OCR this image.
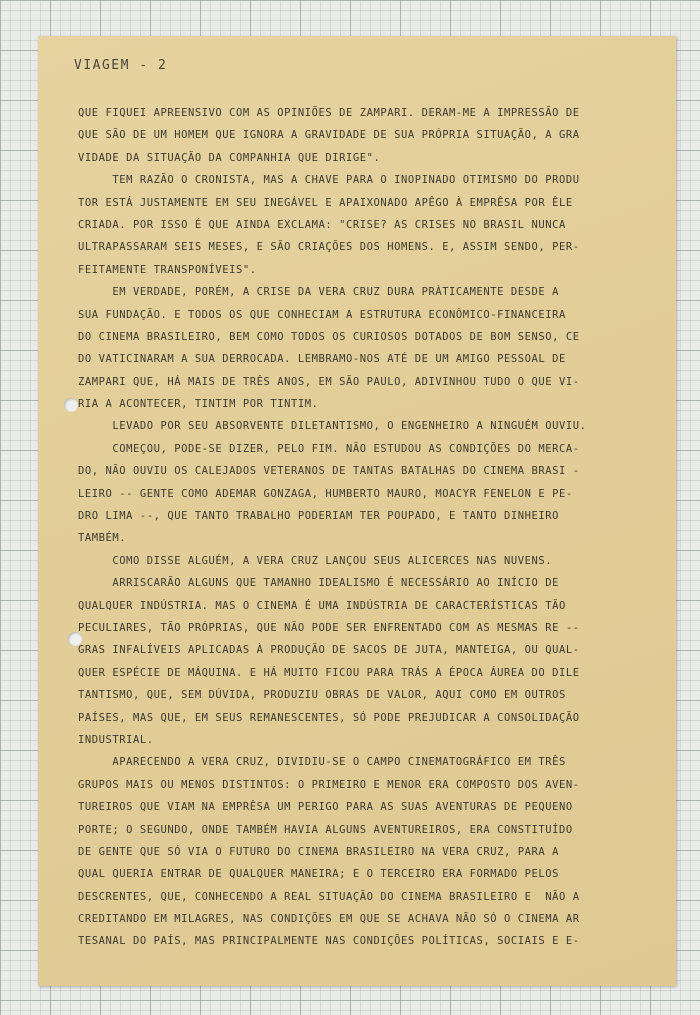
VIAGEM - 2
QUE FIQUEI APREENSIVO COM AS OPINIÕES DE ZAMPARI. DERAM-ME A IMPRESSÃO DE
QUE SÃO DE UM HOMEM QUE IGNORA A GRAVIDADE DE SUA PRÓPRIA SITUAÇÃO, A GRA
VIDADE DA SITUAÇÃO DA COMPANHIA QUE DIRIGE".
TEM RAZÃO O CRONISTA, MAS A CHAVE PARA O INOPINADO OTIMISMO DO PRODU
TOR ESTÁ JUSTAMENTE EM SEU INEGÁVEL E APAIXONADO APÊGO À EMPRÊSA POR ÊLE
CRIADA. POR ISSO É QUE AINDA EXCLAMA: "CRISE? AS CRISES NO BRASIL NUNCA
ULTRAPASSARAM SEIS MESES, E SÃO CRIAÇÕES DOS HOMENS. E, ASSIM SENDO, PER-
FEITAMENTE TRANSPONÍVEIS".
EM VERDADE, PORÉM, A CRISE DA VERA CRUZ DURA PRÀTICAMENTE DESDE A
SUA FUNDAÇÃO. E TODOS OS QUE CONHECIAM A ESTRUTURA ECONÔMICO-FINANCEIRA
DO CINEMA BRASILEIRO, BEM COMO TODOS OS CURIOSOS DOTADOS DE BOM SENSO, CE
DO VATICINARAM A SUA DERROCADA. LEMBRAMO-NOS ATÉ DE UM AMIGO PESSOAL DE
ZAMPARI QUE, HÁ MAIS DE TRÊS ANOS, EM SÃO PAULO, ADIVINHOU TUDO O QUE VI-
RIA A ACONTECER, TINTIM POR TINTIM.
LEVADO POR SEU ABSORVENTE DILETANTISMO, O ENGENHEIRO A NINGUÉM OUVIU.
COMEÇOU, PODE-SE DIZER, PELO FIM. NÃO ESTUDOU AS CONDIÇÕES DO MERCA-
DO, NÃO OUVIU OS CALEJADOS VETERANOS DE TANTAS BATALHAS DO CINEMA BRASI -
LEIRO -- GENTE COMO ADEMAR GONZAGA, HUMBERTO MAURO, MOACYR FENELON E PE-
DRO LIMA --, QUE TANTO TRABALHO PODERIAM TER POUPADO, E TANTO DINHEIRO
TAMBÉM.
COMO DISSE ALGUÉM, A VERA CRUZ LANÇOU SEUS ALICERCES NAS NUVENS.
ARRISCARÃO ALGUNS QUE TAMANHO IDEALISMO É NECESSÁRIO AO INÍCIO DE
QUALQUER INDÚSTRIA. MAS O CINEMA É UMA INDÚSTRIA DE CARACTERÍSTICAS TÃO
PECULIARES, TÃO PRÓPRIAS, QUE NÃO PODE SER ENFRENTADO COM AS MESMAS RE --
GRAS INFALÍVEIS APLICADAS À PRODUÇÃO DE SACOS DE JUTA, MANTEIGA, OU QUAL-
QUER ESPÉCIE DE MÁQUINA. E HÁ MUITO FICOU PARA TRÁS A ÉPOCA ÁUREA DO DILE
TANTISMO, QUE, SEM DÚVIDA, PRODUZIU OBRAS DE VALOR, AQUI COMO EM OUTROS
PAÍSES, MAS QUE, EM SEUS REMANESCENTES, SÓ PODE PREJUDICAR A CONSOLIDAÇÃO
INDUSTRIAL.
APARECENDO A VERA CRUZ, DIVIDIU-SE O CAMPO CINEMATOGRÁFICO EM TRÊS
GRUPOS MAIS OU MENOS DISTINTOS: O PRIMEIRO E MENOR ERA COMPOSTO DOS AVEN-
TUREIROS QUE VIAM NA EMPRÊSA UM PERIGO PARA AS SUAS AVENTURAS DE PEQUENO
PORTE; O SEGUNDO, ONDE TAMBÉM HAVIA ALGUNS AVENTUREIROS, ERA CONSTITUÍDO
DE GENTE QUE SÓ VIA O FUTURO DO CINEMA BRASILEIRO NA VERA CRUZ, PARA A
QUAL QUERIA ENTRAR DE QUALQUER MANEIRA; E O TERCEIRO ERA FORMADO PELOS
DESCRENTES, QUE, CONHECENDO A REAL SITUAÇÃO DO CINEMA BRASILEIRO E  NÃO A
CREDITANDO EM MILAGRES, NAS CONDIÇÕES EM QUE SE ACHAVA NÃO SÓ O CINEMA AR
TESANAL DO PAÍS, MAS PRINCIPALMENTE NAS CONDIÇÕES POLÍTICAS, SOCIAIS E E-
